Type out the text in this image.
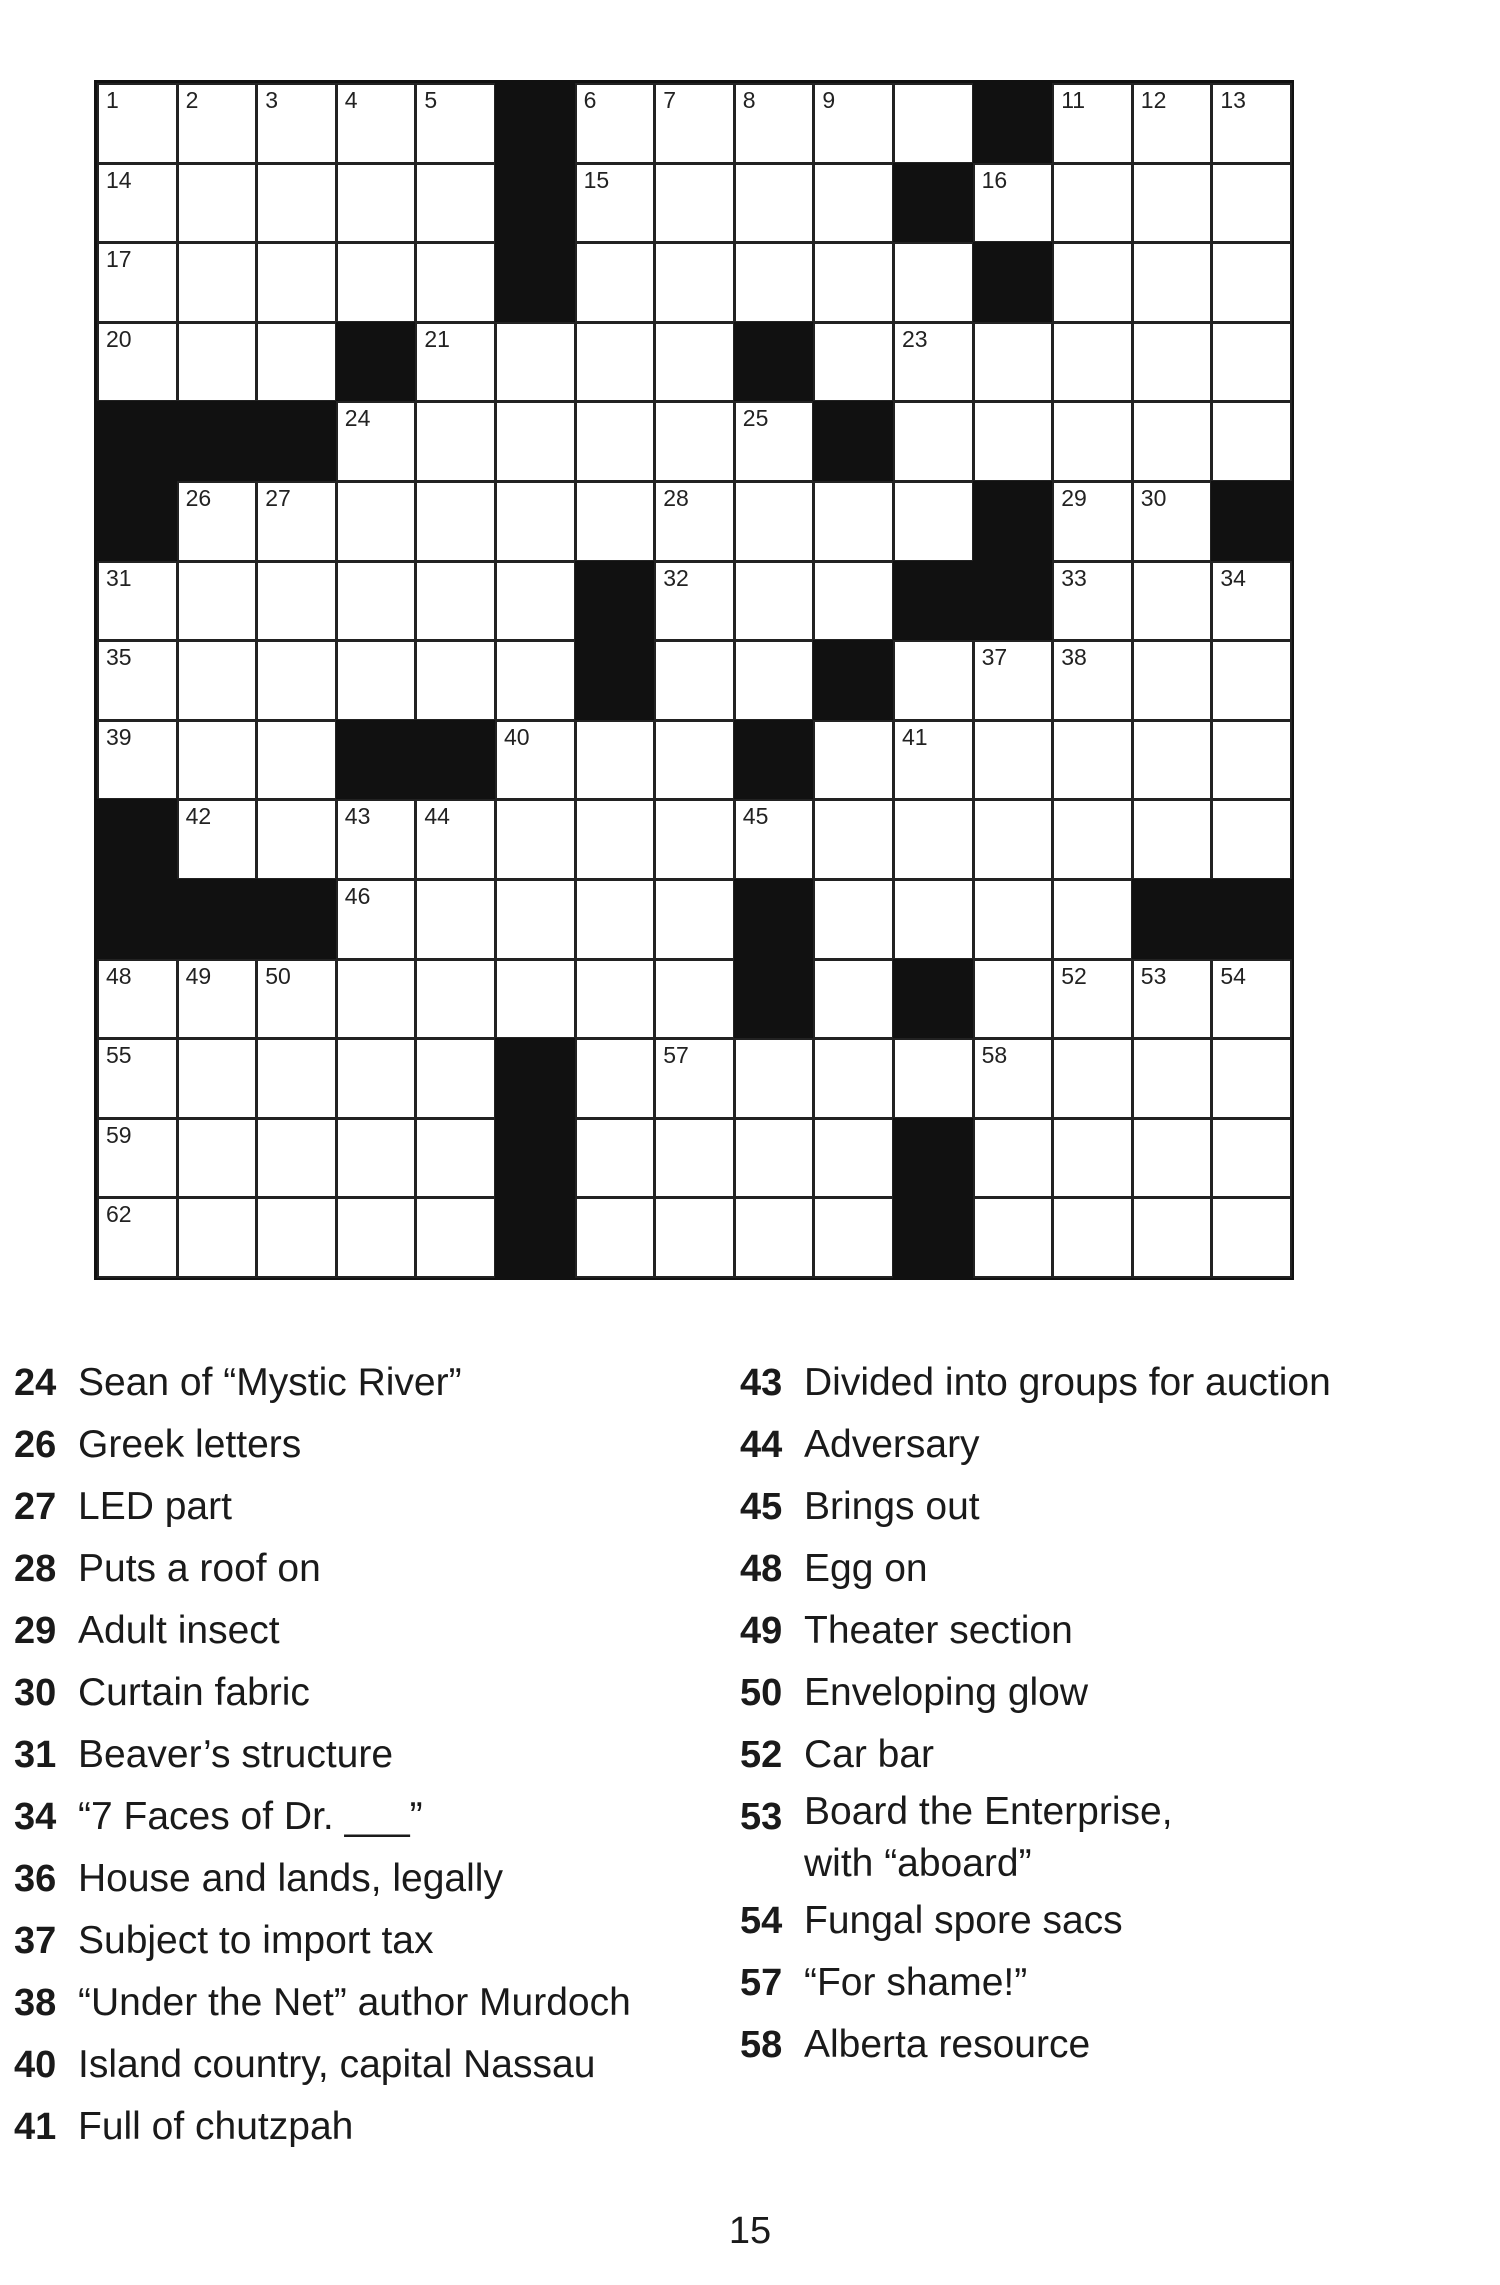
1	2	3	4	5	6	7	8	9	11 12 13
14	15	16
17
20	21	23
24	25
26 27	28	29 30
31	32	33	34
35	37 38
39	40	41
42	43 44	45
46
48 49 50	52 53 54
55	57	58
59
62
24 Sean of “Mystic River”
26 Greek letters
27 LED part
28 Puts a roof on
29 Adult insect
30 Curtain fabric
31 Beaver’s structure
34 “7 Faces of Dr. ___”
36 House and lands, legally
37 Subject to import tax
38 “Under the Net” author Murdoch
40 Island country, capital Nassau
41 Full of chutzpah
43 Divided into groups for auction
44 Adversary
45 Brings out
48 Egg on
49 Theater section
50 Enveloping glow
52 Car bar
53 Board the Enterprise,
with “aboard”
54 Fungal spore sacs
57 “For shame!”
58 Alberta resource
15
